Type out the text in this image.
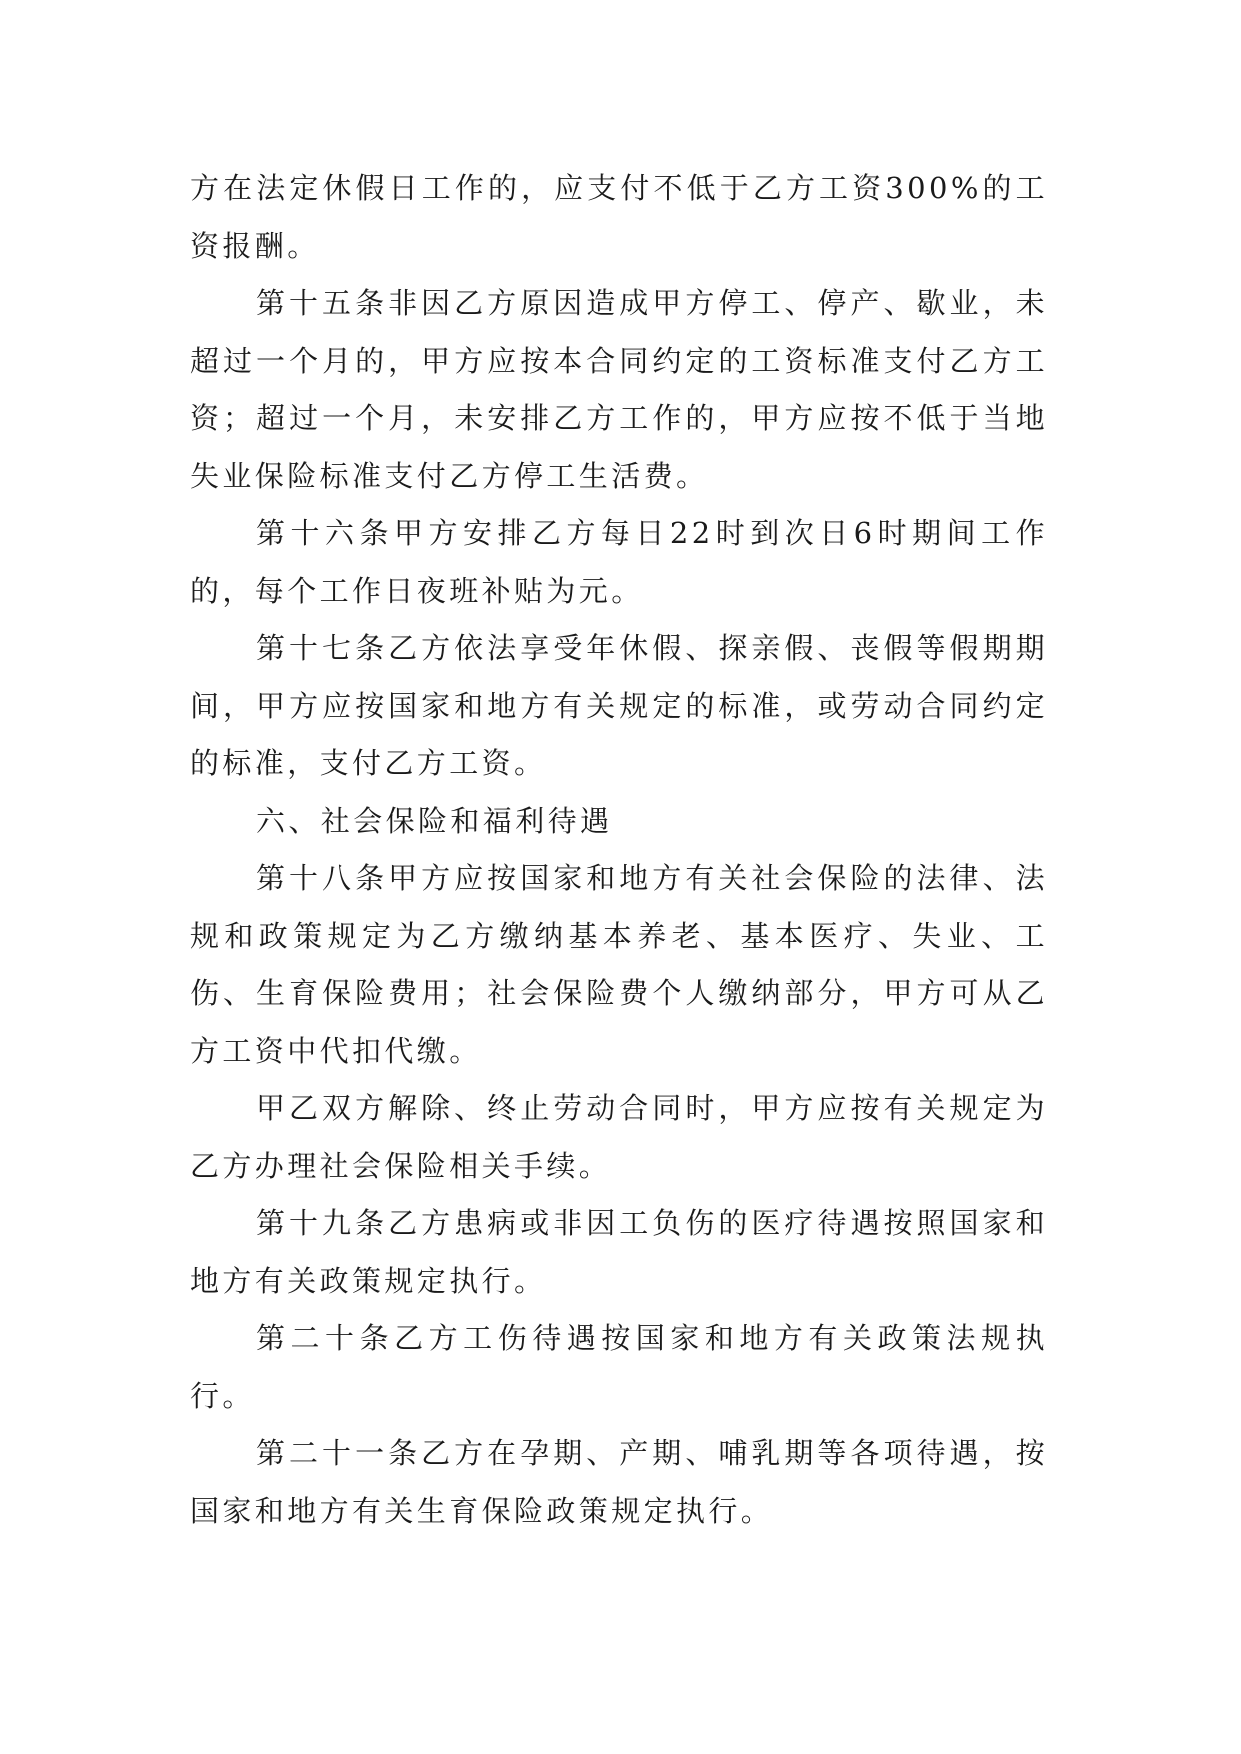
方在法定休假日工作的，应支付不低于乙方工资300%的工资报酬。

第十五条非因乙方原因造成甲方停工、停产、歇业，未超过一个月的，甲方应按本合同约定的工资标准支付乙方工资；超过一个月，未安排乙方工作的，甲方应按不低于当地失业保险标准支付乙方停工生活费。

第十六条甲方安排乙方每日22时到次日6时期间工作的，每个工作日夜班补贴为元。

第十七条乙方依法享受年休假、探亲假、丧假等假期期间，甲方应按国家和地方有关规定的标准，或劳动合同约定的标准，支付乙方工资。

六、社会保险和福利待遇

第十八条甲方应按国家和地方有关社会保险的法律、法规和政策规定为乙方缴纳基本养老、基本医疗、失业、工伤、生育保险费用；社会保险费个人缴纳部分，甲方可从乙方工资中代扣代缴。

甲乙双方解除、终止劳动合同时，甲方应按有关规定为乙方办理社会保险相关手续。

第十九条乙方患病或非因工负伤的医疗待遇按照国家和地方有关政策规定执行。

第二十条乙方工伤待遇按国家和地方有关政策法规执行。

第二十一条乙方在孕期、产期、哺乳期等各项待遇，按国家和地方有关生育保险政策规定执行。
